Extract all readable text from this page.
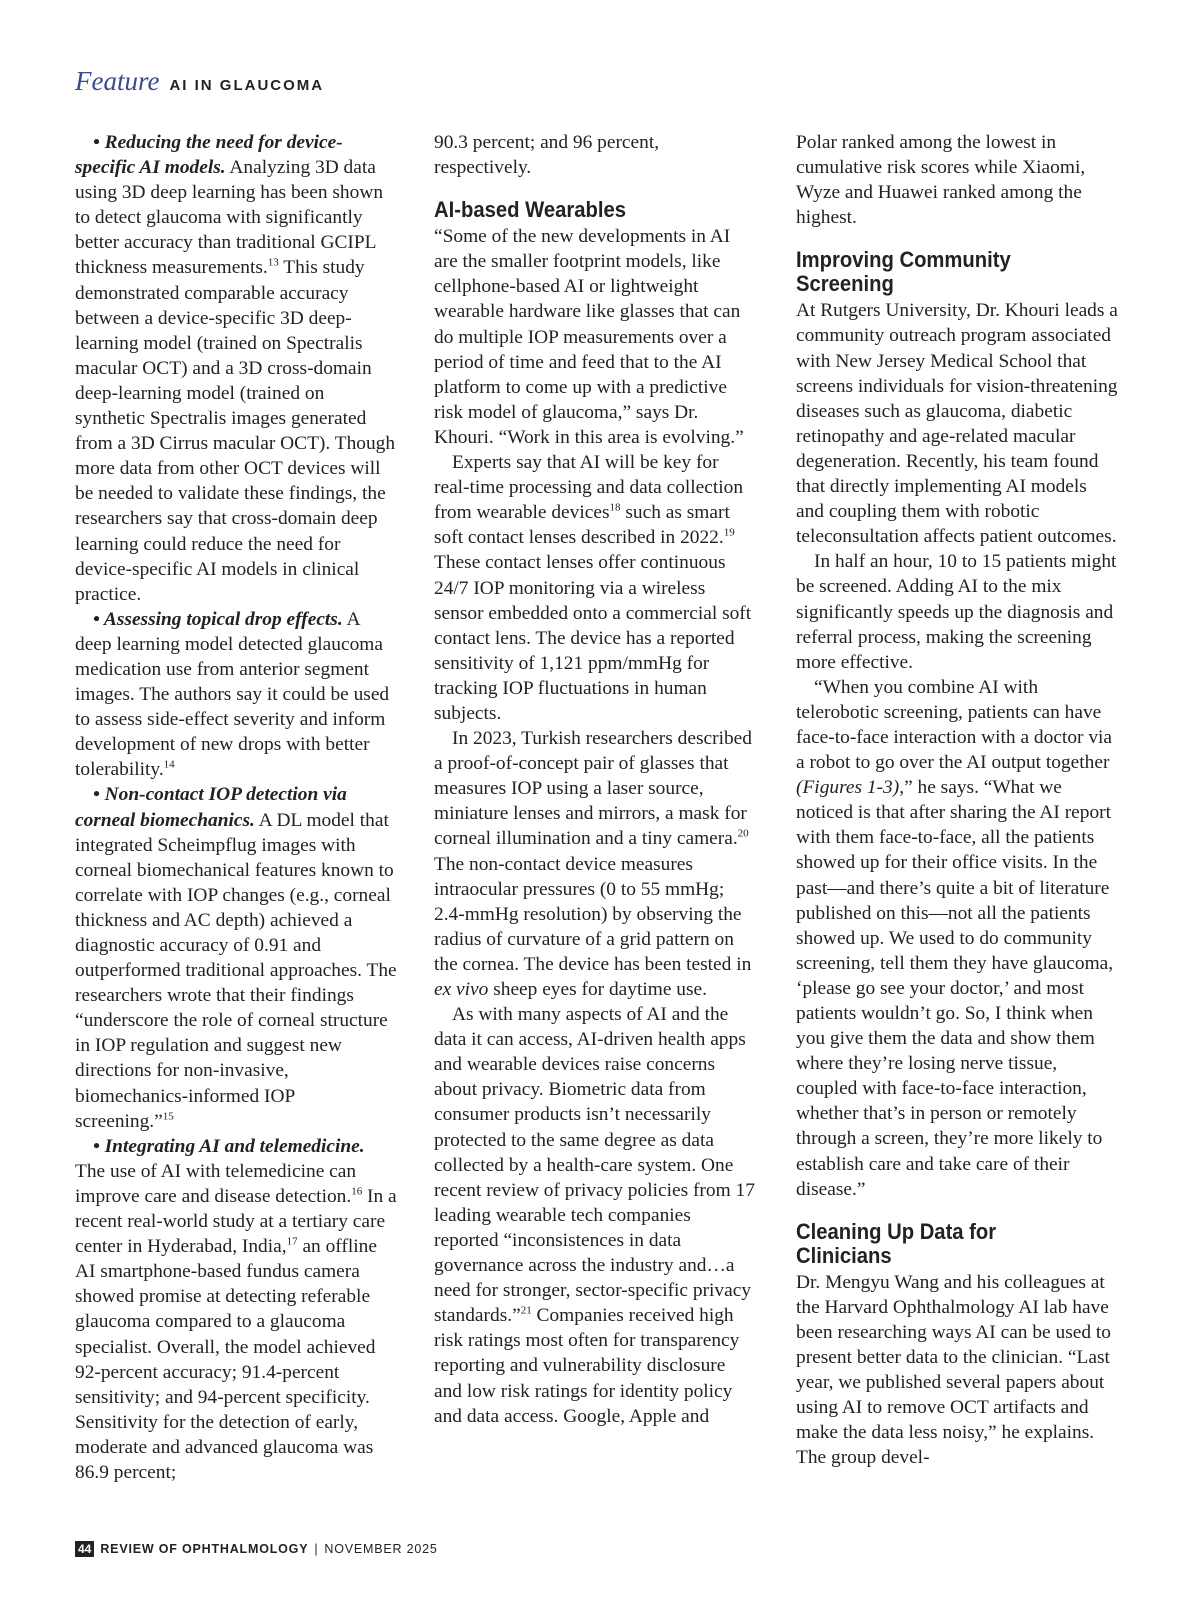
Feature AI IN GLAUCOMA

• Reducing the need for device-specific AI models. Analyzing 3D data using 3D deep learning has been shown to detect glaucoma with significantly better accuracy than traditional GCIPL thickness measurements.$^{13}$ This study demonstrated comparable accuracy between a device-specific 3D deep-learning model (trained on Spectralis macular OCT) and a 3D cross-domain deep-learning model (trained on synthetic Spectralis images generated from a 3D Cirrus macular OCT). Though more data from other OCT devices will be needed to validate these findings, the researchers say that cross-domain deep learning could reduce the need for device-specific AI models in clinical practice.

• Assessing topical drop effects. A deep learning model detected glaucoma medication use from anterior segment images. The authors say it could be used to assess side-effect severity and inform development of new drops with better tolerability.$^{14}$

• Non-contact IOP detection via corneal biomechanics. A DL model that integrated Scheimpflug images with corneal biomechanical features known to correlate with IOP changes (e.g., corneal thickness and AC depth) achieved a diagnostic accuracy of 0.91 and outperformed traditional approaches. The researchers wrote that their findings “underscore the role of corneal structure in IOP regulation and suggest new directions for non-invasive, biomechanics-informed IOP screening.”$^{15}$

• Integrating AI and telemedicine. The use of AI with telemedicine can improve care and disease detection.$^{16}$ In a recent real-world study at a tertiary care center in Hyderabad, India,$^{17}$ an offline AI smartphone-based fundus camera showed promise at detecting referable glaucoma compared to a glaucoma specialist. Overall, the model achieved 92-percent accuracy; 91.4-percent sensitivity; and 94-percent specificity. Sensitivity for the detection of early, moderate and advanced glaucoma was 86.9 percent;

90.3 percent; and 96 percent, respectively.

AI-based Wearables

“Some of the new developments in AI are the smaller footprint models, like cellphone-based AI or lightweight wearable hardware like glasses that can do multiple IOP measurements over a period of time and feed that to the AI platform to come up with a predictive risk model of glaucoma,” says Dr. Khouri. “Work in this area is evolving.”

Experts say that AI will be key for real-time processing and data collection from wearable devices$^{18}$ such as smart soft contact lenses described in 2022.19 These contact lenses offer continuous 24/7 IOP monitoring via a wireless sensor embedded onto a commercial soft contact lens. The device has a reported sensitivity of 1,121 ppm/mmHg for tracking IOP fluctuations in human subjects.

In 2023, Turkish researchers described a proof-of-concept pair of glasses that measures IOP using a laser source, miniature lenses and mirrors, a mask for corneal illumination and a tiny camera.$^{20}$ The non-contact device measures intraocular pressures (0 to 55 mmHg; 2.4-mmHg resolution) by observing the radius of curvature of a grid pattern on the cornea. The device has been tested in ex vivo sheep eyes for daytime use.

As with many aspects of AI and the data it can access, AI-driven health apps and wearable devices raise concerns about privacy. Biometric data from consumer products isn’t necessarily protected to the same degree as data collected by a health-care system. One recent review of privacy policies from 17 leading wearable tech companies reported “inconsistences in data governance across the industry and…a need for stronger, sector-specific privacy standards.”$^{21}$ Companies received high risk ratings most often for transparency reporting and vulnerability disclosure and low risk ratings for identity policy and data access. Google, Apple and

Polar ranked among the lowest in cumulative risk scores while Xiaomi, Wyze and Huawei ranked among the highest.

Improving Community Screening

At Rutgers University, Dr. Khouri leads a community outreach program associated with New Jersey Medical School that screens individuals for vision-threatening diseases such as glaucoma, diabetic retinopathy and age-related macular degeneration. Recently, his team found that directly implementing AI models and coupling them with robotic teleconsultation affects patient outcomes.

In half an hour, 10 to 15 patients might be screened. Adding AI to the mix significantly speeds up the diagnosis and referral process, making the screening more effective.

“When you combine AI with telerobotic screening, patients can have face-to-face interaction with a doctor via a robot to go over the AI output together (Figures 1-3),” he says. “What we noticed is that after sharing the AI report with them face-to-face, all the patients showed up for their office visits. In the past—and there’s quite a bit of literature published on this—not all the patients showed up. We used to do community screening, tell them they have glaucoma, ‘please go see your doctor,’ and most patients wouldn’t go. So, I think when you give them the data and show them where they’re losing nerve tissue, coupled with face-to-face interaction, whether that’s in person or remotely through a screen, they’re more likely to establish care and take care of their disease.”

Cleaning Up Data for Clinicians

Dr. Mengyu Wang and his colleagues at the Harvard Ophthalmology AI lab have been researching ways AI can be used to present better data to the clinician. “Last year, we published several papers about using AI to remove OCT artifacts and make the data less noisy,” he explains. The group devel-

44 REVIEW OF OPHTHALMOLOGY | NOVEMBER 2025
